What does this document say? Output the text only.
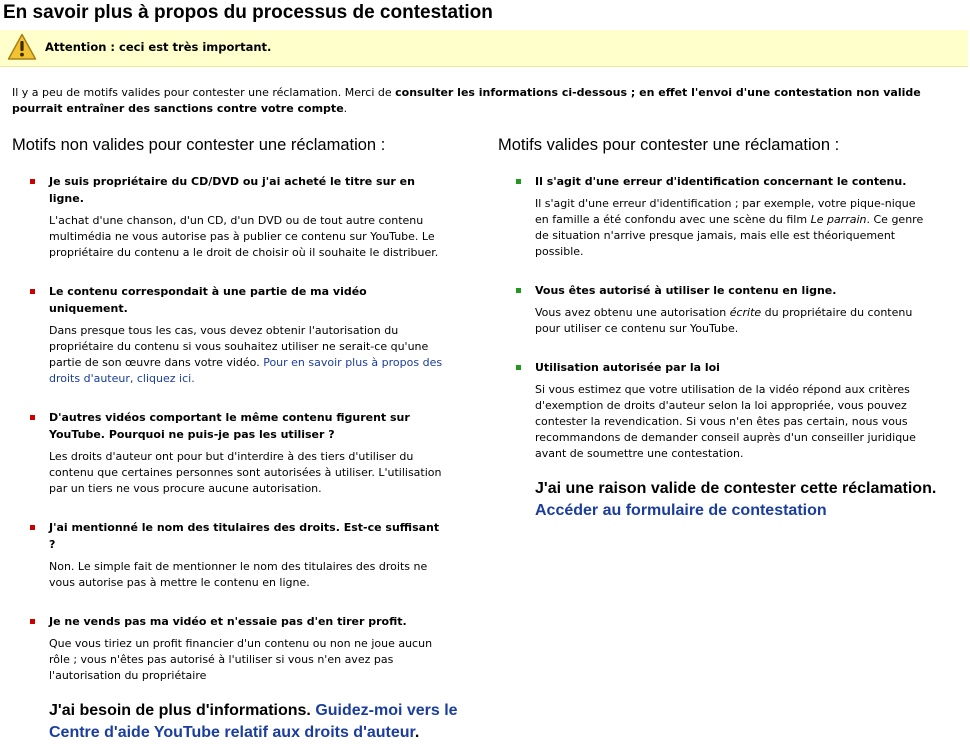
En savoir plus à propos du processus de contestation
Attention : ceci est très important.

Il y a peu de motifs valides pour contester une réclamation. Merci de consulter les informations ci-dessous ; en effet l'envoi d'une contestation non valide pourrait entraîner des sanctions contre votre compte.

Motifs non valides pour contester une réclamation :
Je suis propriétaire du CD/DVD ou j'ai acheté le titre sur en ligne.

L'achat d'une chanson, d'un CD, d'un DVD ou de tout autre contenu multimédia ne vous autorise pas à publier ce contenu sur YouTube. Le propriétaire du contenu a le droit de choisir où il souhaite le distribuer.

Le contenu correspondait à une partie de ma vidéo uniquement.

Dans presque tous les cas, vous devez obtenir l'autorisation du propriétaire du contenu si vous souhaitez utiliser ne serait-ce qu'une partie de son œuvre dans votre vidéo. Pour en savoir plus à propos des droits d'auteur, cliquez ici.

D'autres vidéos comportant le même contenu figurent sur YouTube. Pourquoi ne puis-je pas les utiliser ?

Les droits d'auteur ont pour but d'interdire à des tiers d'utiliser du contenu que certaines personnes sont autorisées à utiliser. L'utilisation par un tiers ne vous procure aucune autorisation.

J'ai mentionné le nom des titulaires des droits. Est-ce suffisant ?

Non. Le simple fait de mentionner le nom des titulaires des droits ne vous autorise pas à mettre le contenu en ligne.

Je ne vends pas ma vidéo et n'essaie pas d'en tirer profit.

Que vous tiriez un profit financier d'un contenu ou non ne joue aucun rôle ; vous n'êtes pas autorisé à l'utiliser si vous n'en avez pas l'autorisation du propriétaire

J'ai besoin de plus d'informations. Guidez-moi vers le Centre d'aide YouTube relatif aux droits d'auteur.

Motifs valides pour contester une réclamation :
Il s'agit d'une erreur d'identification concernant le contenu.

Il s'agit d'une erreur d'identification ; par exemple, votre pique-nique en famille a été confondu avec une scène du film Le parrain. Ce genre de situation n'arrive presque jamais, mais elle est théoriquement possible.

Vous êtes autorisé à utiliser le contenu en ligne.

Vous avez obtenu une autorisation écrite du propriétaire du contenu pour utiliser ce contenu sur YouTube.

Utilisation autorisée par la loi

Si vous estimez que votre utilisation de la vidéo répond aux critères d'exemption de droits d'auteur selon la loi appropriée, vous pouvez contester la revendication. Si vous n'en êtes pas certain, nous vous recommandons de demander conseil auprès d'un conseiller juridique avant de soumettre une contestation.

J'ai une raison valide de contester cette réclamation.
Accéder au formulaire de contestation
